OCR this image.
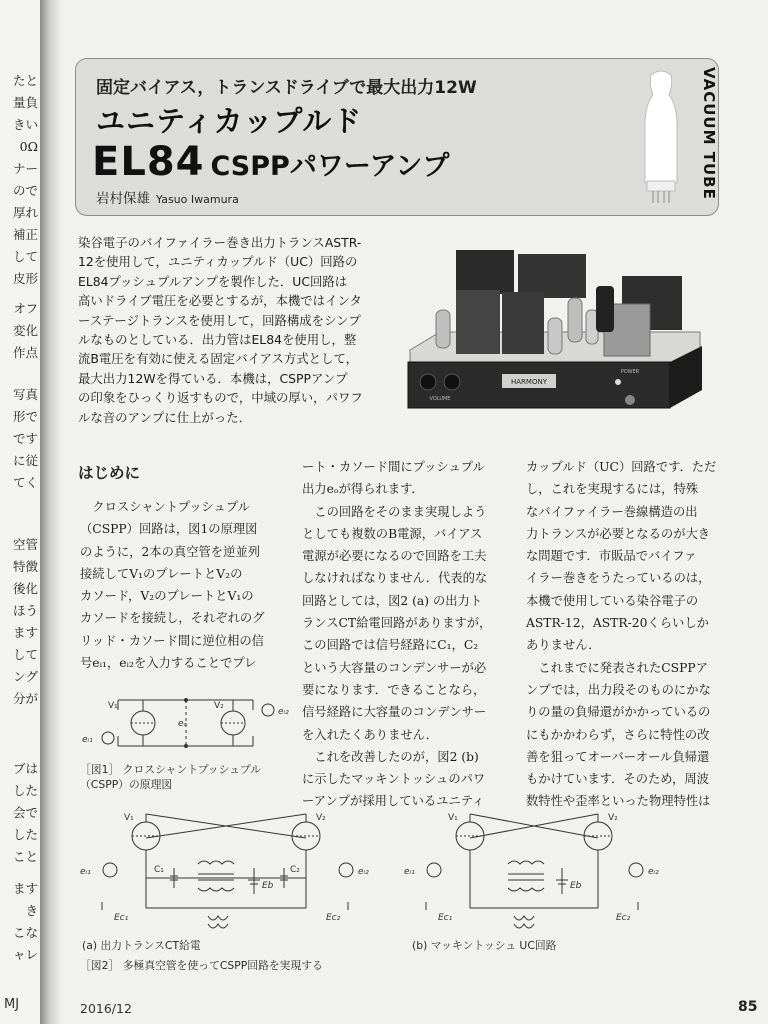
たと
量負
きい
0Ω
ナー
ので
厚れ
補正
して
皮形
オフ
変化
作点
写真
形で
です
に従
てく
空管
特徴
後化
ほう
ます
して
ング
分が
ブは
した
会で
した
こと
ます
き
こな
ャレ
MJ
固定バイアス，トランスドライブで最大出力12W
ユニティカップルド
EL84 CSPPパワーアンプ
岩村保雄 Yasuo Iwamura	VACUUM TUBE
染谷電子のバイファイラー巻き出力トランスASTR-
12を使用して，ユニティカップルド（UC）回路の
EL84プッシュプルアンプを製作した．UC回路は
高いドライブ電圧を必要とするが，本機ではインタ
ーステージトランスを使用して，回路構成をシンプ
ルなものとしている．出力管はEL84を使用し，整
流B電圧を有効に使える固定バイアス方式として，
最大出力12Wを得ている．本機は，CSPPアンプ
の印象をひっくり返すもので，中域の厚い，パワフ
ルな音のアンプに仕上がった．
HARMONY
VOLUME
POWER
はじめに
　クロスシャントプッシュプル
（CSPP）回路は，図1の原理図
のように，2本の真空管を逆並列
接続してV₁のプレートとV₂の
カソード，V₂のプレートとV₁の
カソードを接続し，それぞれのグ
リッド・カソード間に逆位相の信
号eᵢ₁，eᵢ₂を入力することでプレ
ート・カソード間にプッシュプル
出力eₒが得られます．
　この回路をそのまま実現しよう
としても複数のB電源，バイアス
電源が必要になるので回路を工夫
しなければなりません．代表的な
回路としては，図2 (a) の出力ト
ランスCT給電回路がありますが，
この回路では信号経路にC₁，C₂
という大容量のコンデンサーが必
要になります．できることなら，
信号経路に大容量のコンデンサー
を入れたくありません．
　これを改善したのが，図2 (b)
に示したマッキントッシュのパワ
ーアンプが採用しているユニティ
カップルド（UC）回路です．ただ
し，これを実現するには，特殊
なバイファイラー巻線構造の出
力トランスが必要となるのが大き
な問題です．市販品でバイファ
イラー巻きをうたっているのは，
本機で使用している染谷電子の
ASTR-12，ASTR-20くらいしか
ありません．
　これまでに発表されたCSPPア
ンプでは，出力段そのものにかな
りの量の負帰還がかかっているの
にもかかわらず，さらに特性の改
善を狙ってオーバーオール負帰還
もかけています．そのため，周波
数特性や歪率といった物理特性は
V₁	V₂
eₒ
eᵢ₁
eᵢ₂
［図1］ クロスシャントプッシュプル
（CSPP）の原理図
V₁	V₂
C₁	C₂
Eb
eᵢ₁	eᵢ₂
Ec₁	Ec₂
V₁	V₂
Eb
eᵢ₁	eᵢ₂
Ec₁	Ec₂
(a) 出力トランスCT給電	(b) マッキントッシュ UC回路
［図2］ 多極真空管を使ってCSPP回路を実現する
2016/12	85
